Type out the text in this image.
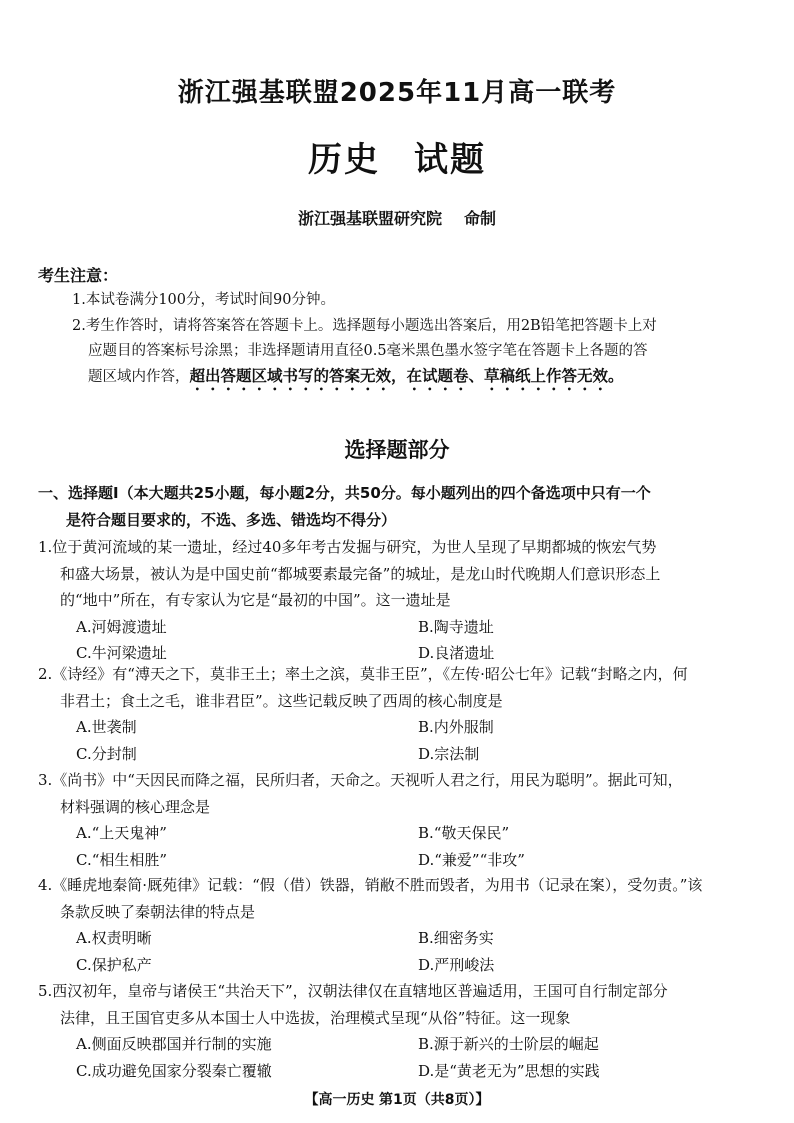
浙江强基联盟2025年11月高一联考
历史 试题
浙江强基联盟研究院 命制
考生注意：
1.本试卷满分100分，考试时间90分钟。
2.考生作答时，请将答案答在答题卡上。选择题每小题选出答案后，用2B铅笔把答题卡上对
应题目的答案标号涂黑；非选择题请用直径0.5毫米黑色墨水签字笔在答题卡上各题的答
题区域内作答，超出答题区域书写的答案无效，在试题卷、草稿纸上作答无效。
选择题部分
一、选择题Ⅰ（本大题共25小题，每小题2分，共50分。每小题列出的四个备选项中只有一个
是符合题目要求的，不选、多选、错选均不得分）
1.位于黄河流域的某一遗址，经过40多年考古发掘与研究，为世人呈现了早期都城的恢宏气势
和盛大场景，被认为是中国史前“都城要素最完备”的城址，是龙山时代晚期人们意识形态上
的“地中”所在，有专家认为它是“最初的中国”。这一遗址是
A.河姆渡遗址	B.陶寺遗址
C.牛河梁遗址	D.良渚遗址
2.《诗经》有“溥天之下，莫非王土；率土之滨，莫非王臣”，《左传·昭公七年》记载“封略之内，何
非君土；食土之毛，谁非君臣”。这些记载反映了西周的核心制度是
A.世袭制	B.内外服制
C.分封制	D.宗法制
3.《尚书》中“天因民而降之福，民所归者，天命之。天视听人君之行，用民为聪明”。据此可知，
材料强调的核心理念是
A.“上天鬼神”	B.“敬天保民”
C.“相生相胜”	D.“兼爱”“非攻”
4.《睡虎地秦简·厩苑律》记载：“假（借）铁器，销敝不胜而毁者，为用书（记录在案），受勿责。”该
条款反映了秦朝法律的特点是
A.权责明晰	B.细密务实
C.保护私产	D.严刑峻法
5.西汉初年，皇帝与诸侯王“共治天下”，汉朝法律仅在直辖地区普遍适用，王国可自行制定部分
法律，且王国官吏多从本国士人中选拔，治理模式呈现“从俗”特征。这一现象
A.侧面反映郡国并行制的实施	B.源于新兴的士阶层的崛起
C.成功避免国家分裂秦亡覆辙	D.是“黄老无为”思想的实践
【高一历史 第1页（共8页）】
